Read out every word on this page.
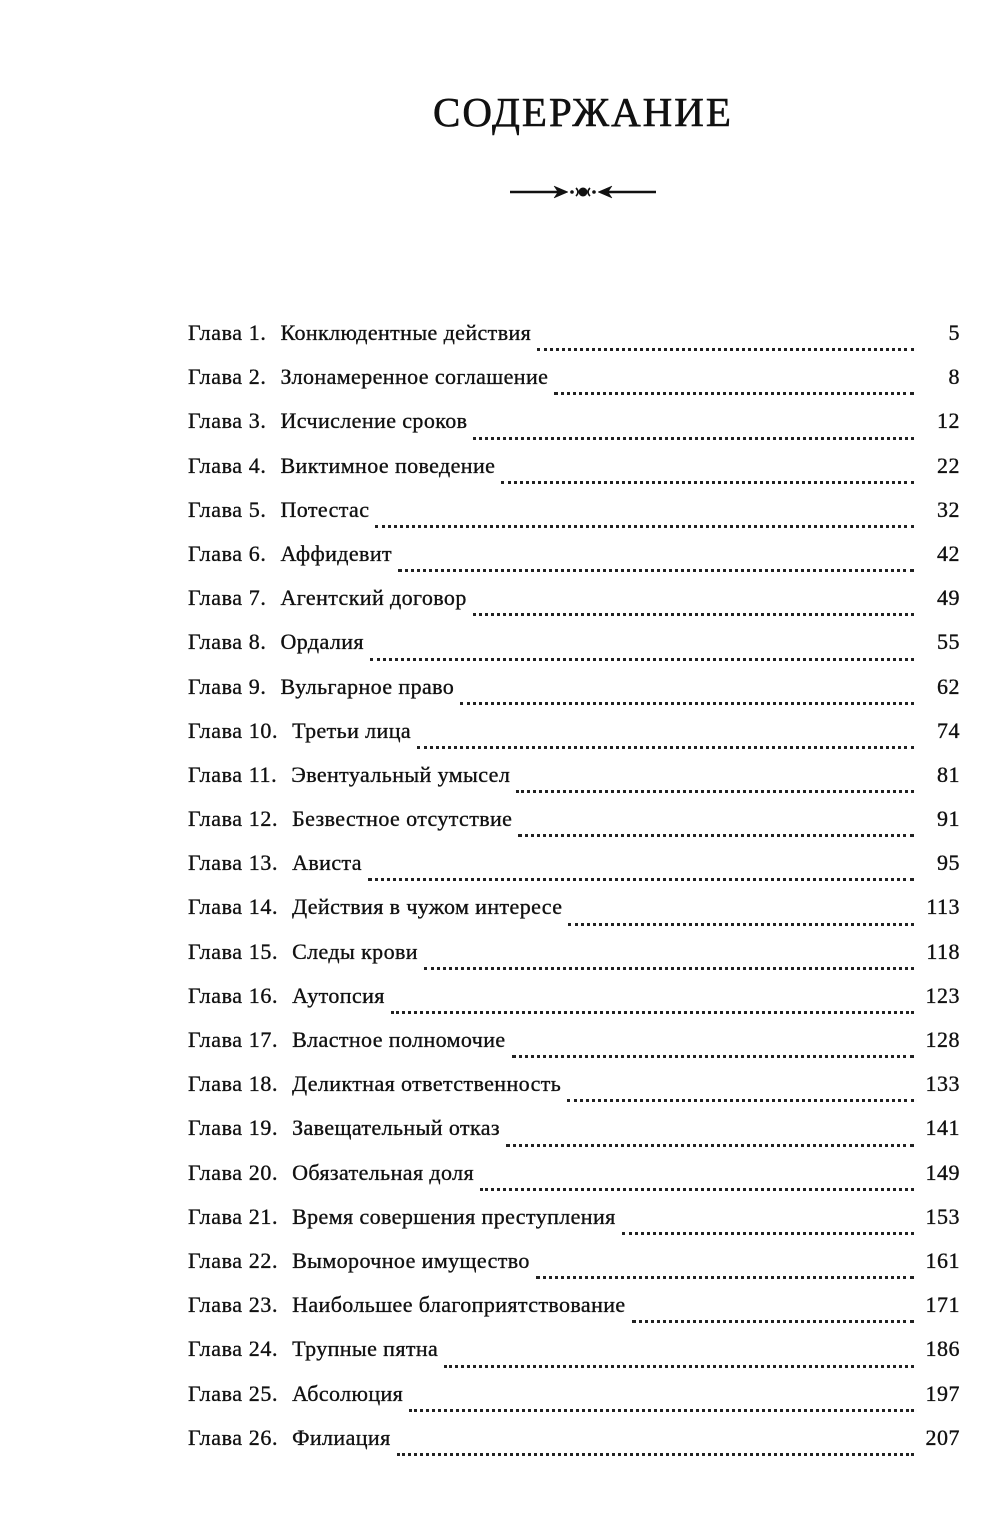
СОДЕРЖАНИЕ
Глава 1. Конклюдентные действия	5
Глава 2. Злонамеренное соглашение	8
Глава 3. Исчисление сроков	12
Глава 4. Виктимное поведение	22
Глава 5. Потестас	32
Глава 6. Аффидевит	42
Глава 7. Агентский договор	49
Глава 8. Ордалия	55
Глава 9. Вульгарное право	62
Глава 10. Третьи лица	74
Глава 11. Эвентуальный умысел	81
Глава 12. Безвестное отсутствие	91
Глава 13. Ависта	95
Глава 14. Действия в чужом интересе	113
Глава 15. Следы крови	118
Глава 16. Аутопсия	123
Глава 17. Властное полномочие	128
Глава 18. Деликтная ответственность	133
Глава 19. Завещательный отказ	141
Глава 20. Обязательная доля	149
Глава 21. Время совершения преступления	153
Глава 22. Выморочное имущество	161
Глава 23. Наибольшее благоприятствование	171
Глава 24. Трупные пятна	186
Глава 25. Абсолюция	197
Глава 26. Филиация	207
